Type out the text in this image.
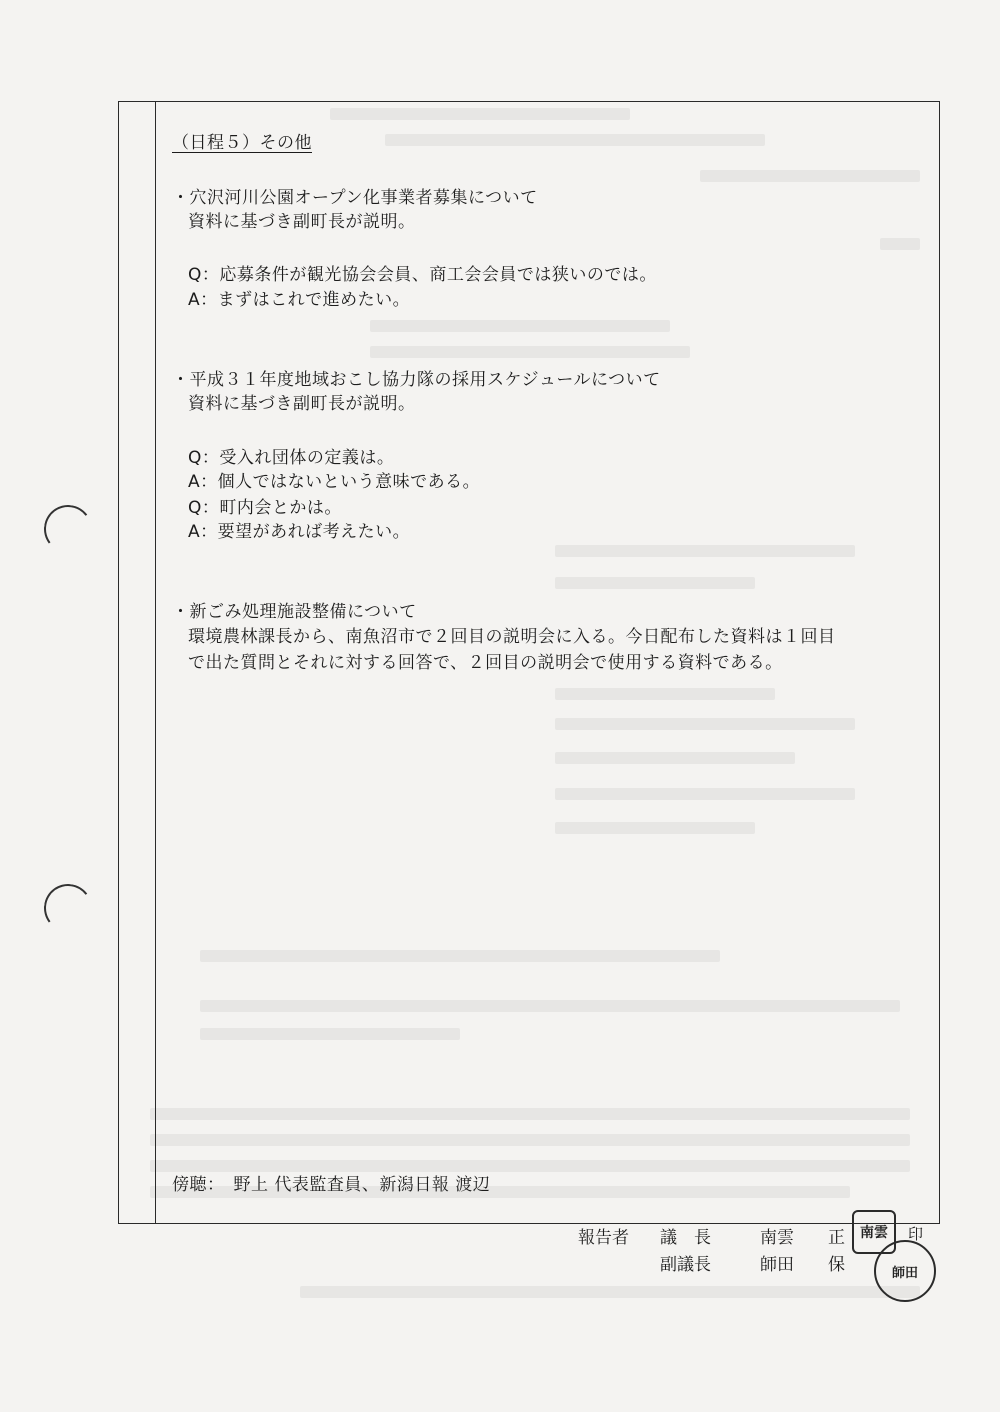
（日程５）その他
・穴沢河川公園オープン化事業者募集について
資料に基づき副町長が説明。
Q：応募条件が観光協会会員、商工会会員では狭いのでは。
A：まずはこれで進めたい。
・平成３１年度地域おこし協力隊の採用スケジュールについて
資料に基づき副町長が説明。
Q：受入れ団体の定義は。
A：個人ではないという意味である。
Q：町内会とかは。
A：要望があれば考えたい。
・新ごみ処理施設整備について
環境農林課長から、南魚沼市で２回目の説明会に入る。今日配布した資料は１回目
で出た質問とそれに対する回答で、２回目の説明会で使用する資料である。
傍聴：　野上 代表監査員、新潟日報 渡辺
報告者 議　長	南雲　　正
副議長	師田　　保
南雲
師田
印
